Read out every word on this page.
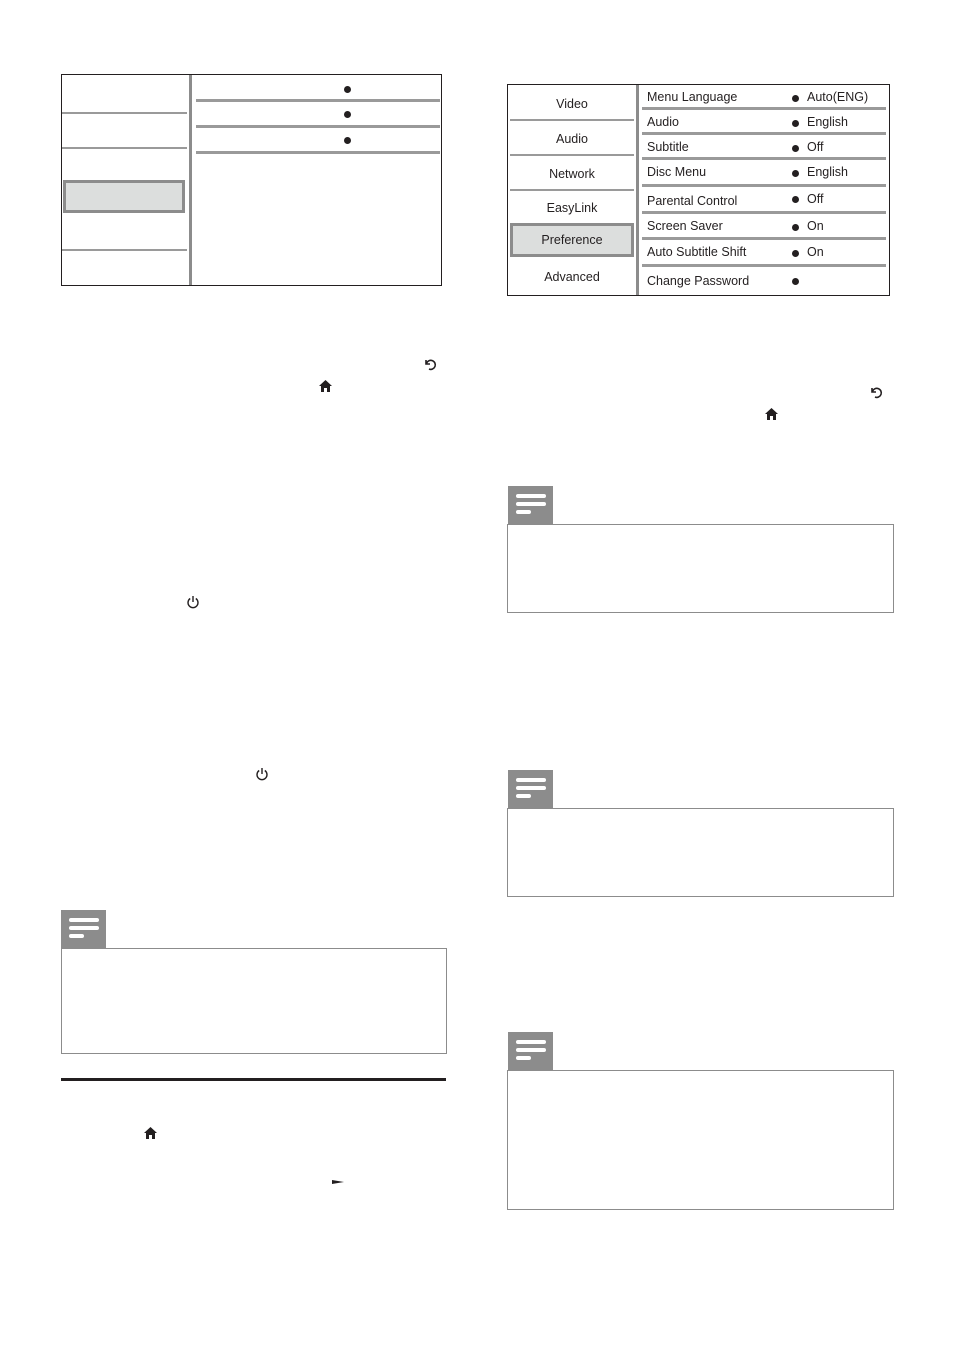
Video
Audio
Network
EasyLink
Preference
Advanced
Menu Language	Auto(ENG)
Audio	English
Subtitle	Off
Disc Menu	English
Parental Control	Off
Screen Saver	On
Auto Subtitle Shift	On
Change Password
